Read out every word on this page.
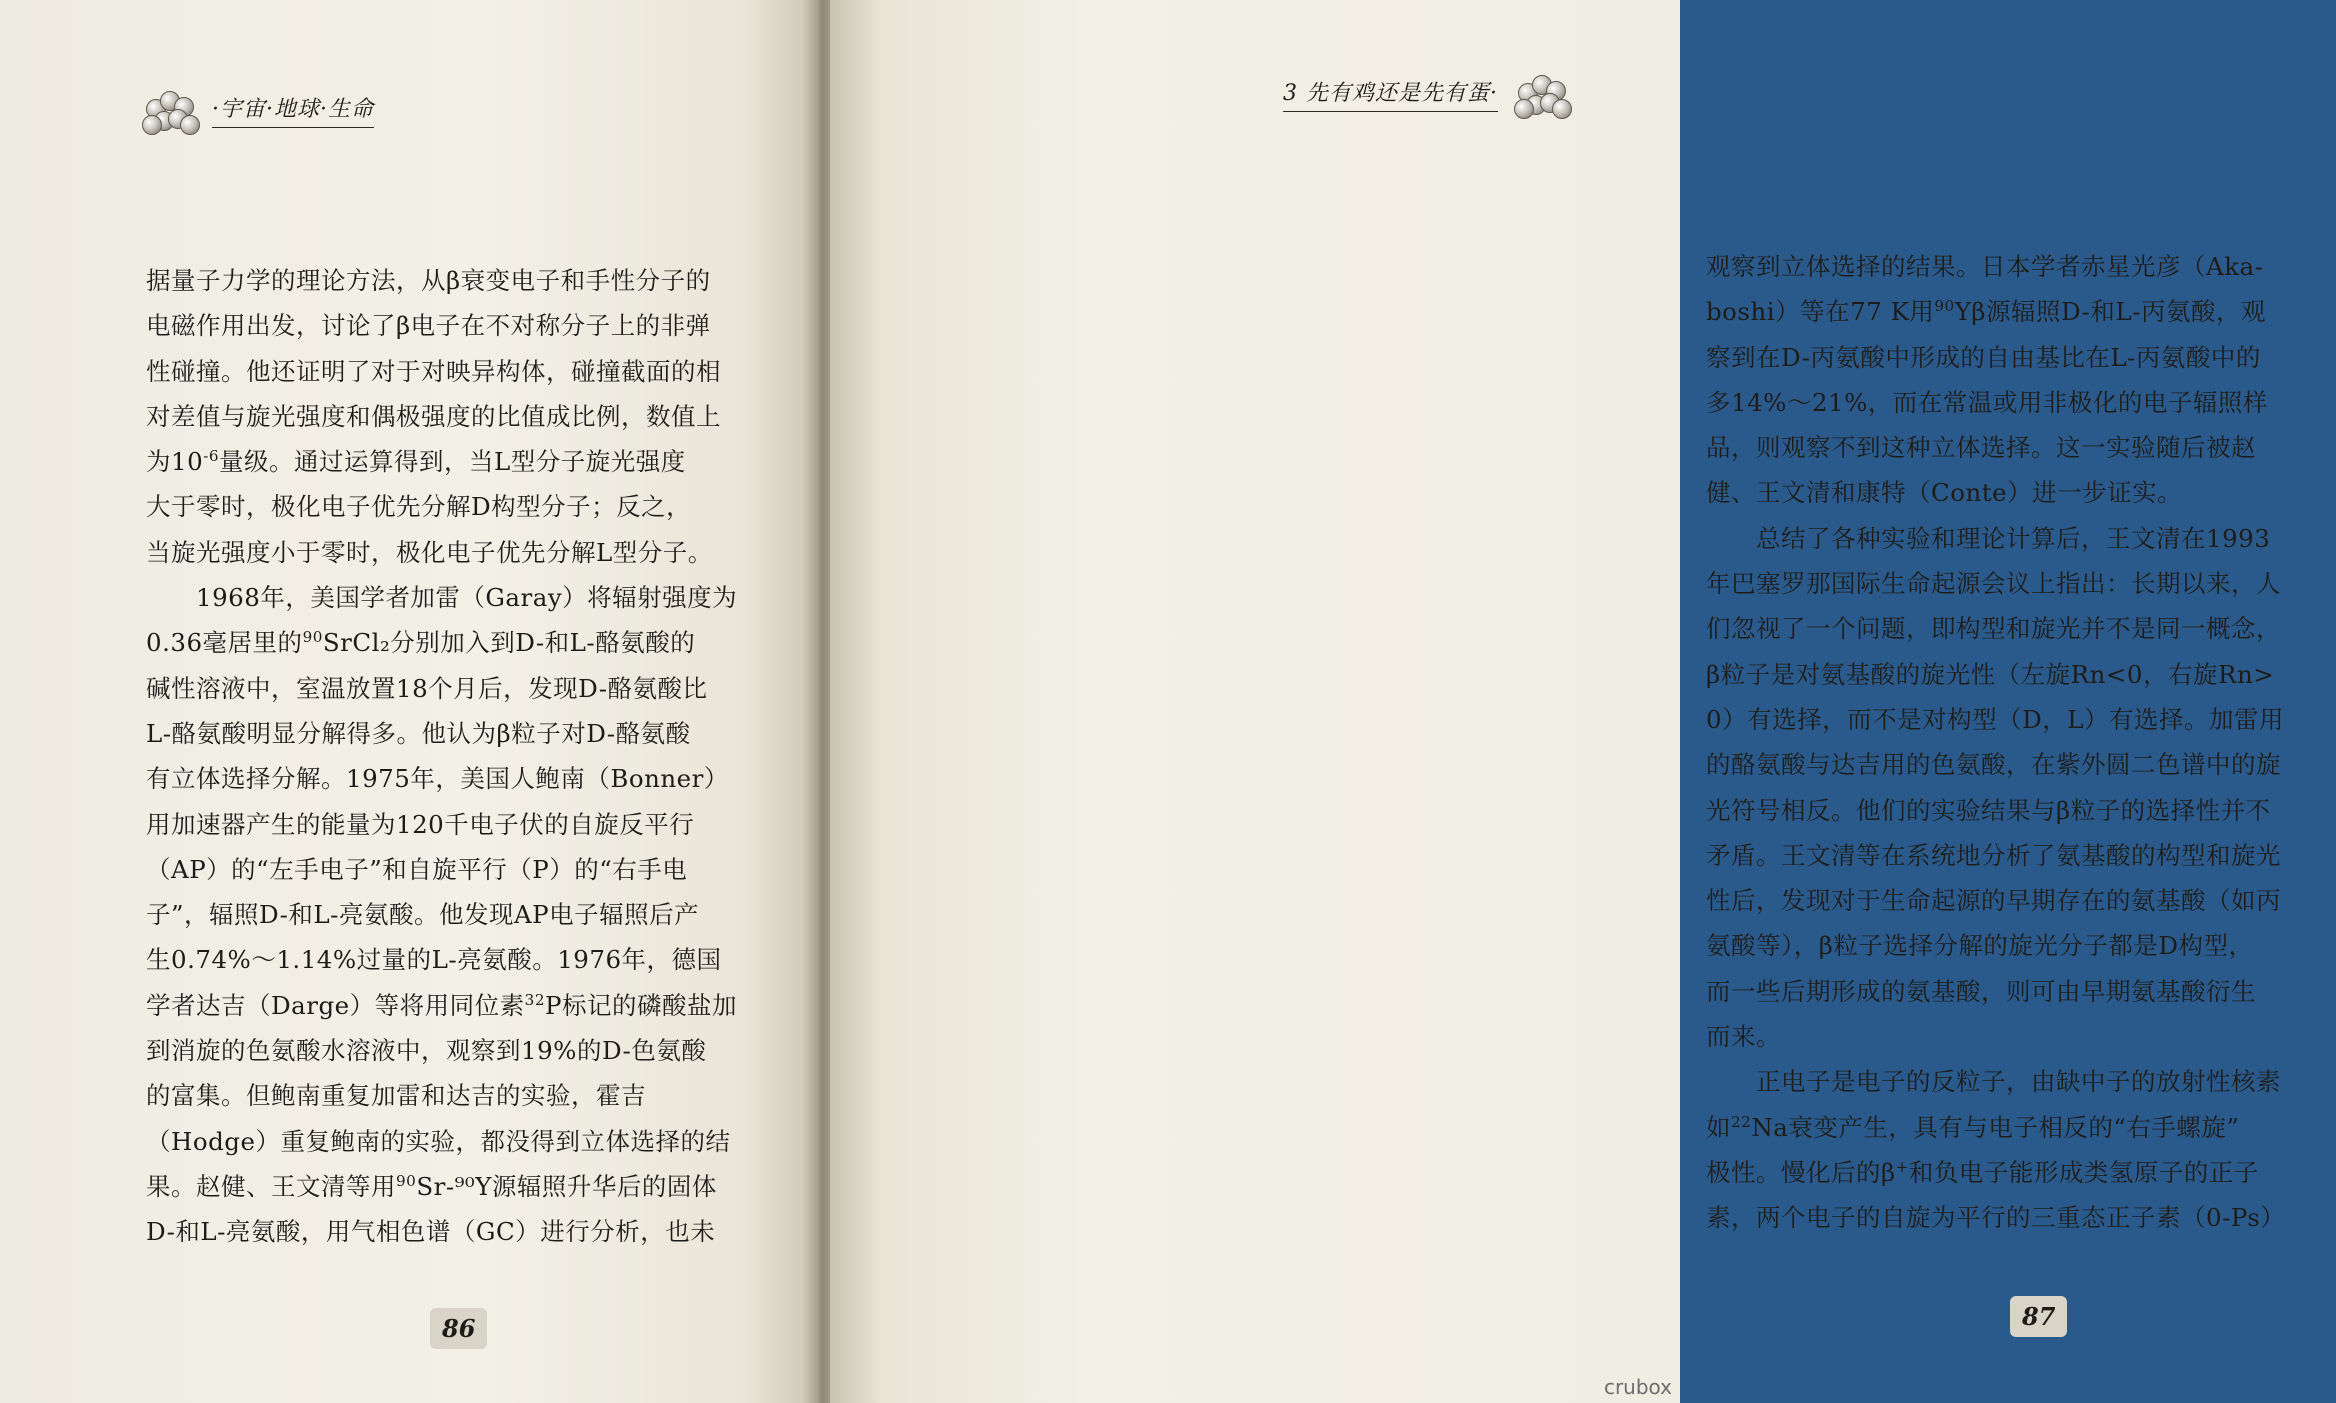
·宇宙·地球·生命

据量子力学的理论方法，从β衰变电子和手性分子的

电磁作用出发，讨论了β电子在不对称分子上的非弹

性碰撞。他还证明了对于对映异构体，碰撞截面的相

对差值与旋光强度和偶极强度的比值成比例，数值上

为$10^{-6}$量级。通过运算得到，当L型分子旋光强度

大于零时，极化电子优先分解D构型分子；反之，

当旋光强度小于零时，极化电子优先分解L型分子。

1968年，美国学者加雷（Garay）将辐射强度为

0.36毫居里的$^{90}$SrCl₂分别加入到D-和L-酪氨酸的

碱性溶液中，室温放置18个月后，发现D-酪氨酸比

L-酪氨酸明显分解得多。他认为β粒子对D-酪氨酸

有立体选择分解。1975年，美国人鲍南（Bonner）

用加速器产生的能量为120千电子伏的自旋反平行

（AP）的“左手电子”和自旋平行（P）的“右手电

子”，辐照D-和L-亮氨酸。他发现AP电子辐照后产

生0.74%～1.14%过量的L-亮氨酸。1976年，德国

学者达吉（Darge）等将用同位素$^{32}$P标记的磷酸盐加

到消旋的色氨酸水溶液中，观察到19%的D-色氨酸

的富集。但鲍南重复加雷和达吉的实验，霍吉

（Hodge）重复鲍南的实验，都没得到立体选择的结

果。赵健、王文清等用$^{90}$Sr-⁹⁰Y源辐照升华后的固体

D-和L-亮氨酸，用气相色谱（GC）进行分析，也未

86
3 先有鸡还是先有蛋·

观察到立体选择的结果。日本学者赤星光彦（Aka-

boshi）等在77 K用$^{90}$Yβ源辐照D-和L-丙氨酸，观

察到在D-丙氨酸中形成的自由基比在L-丙氨酸中的

多14%～21%，而在常温或用非极化的电子辐照样

品，则观察不到这种立体选择。这一实验随后被赵

健、王文清和康特（Conte）进一步证实。

总结了各种实验和理论计算后，王文清在1993

年巴塞罗那国际生命起源会议上指出：长期以来，人

们忽视了一个问题，即构型和旋光并不是同一概念，

β粒子是对氨基酸的旋光性（左旋Rn<0，右旋Rn>

0）有选择，而不是对构型（D，L）有选择。加雷用

的酪氨酸与达吉用的色氨酸，在紫外圆二色谱中的旋

光符号相反。他们的实验结果与β粒子的选择性并不

矛盾。王文清等在系统地分析了氨基酸的构型和旋光

性后，发现对于生命起源的早期存在的氨基酸（如丙

氨酸等），β粒子选择分解的旋光分子都是D构型，

而一些后期形成的氨基酸，则可由早期氨基酸衍生

而来。

正电子是电子的反粒子，由缺中子的放射性核素

如$^{22}$Na衰变产生，具有与电子相反的“右手螺旋”

极性。慢化后的β+和负电子能形成类氢原子的正子

素，两个电子的自旋为平行的三重态正子素（0-Ps）

87
crubox
